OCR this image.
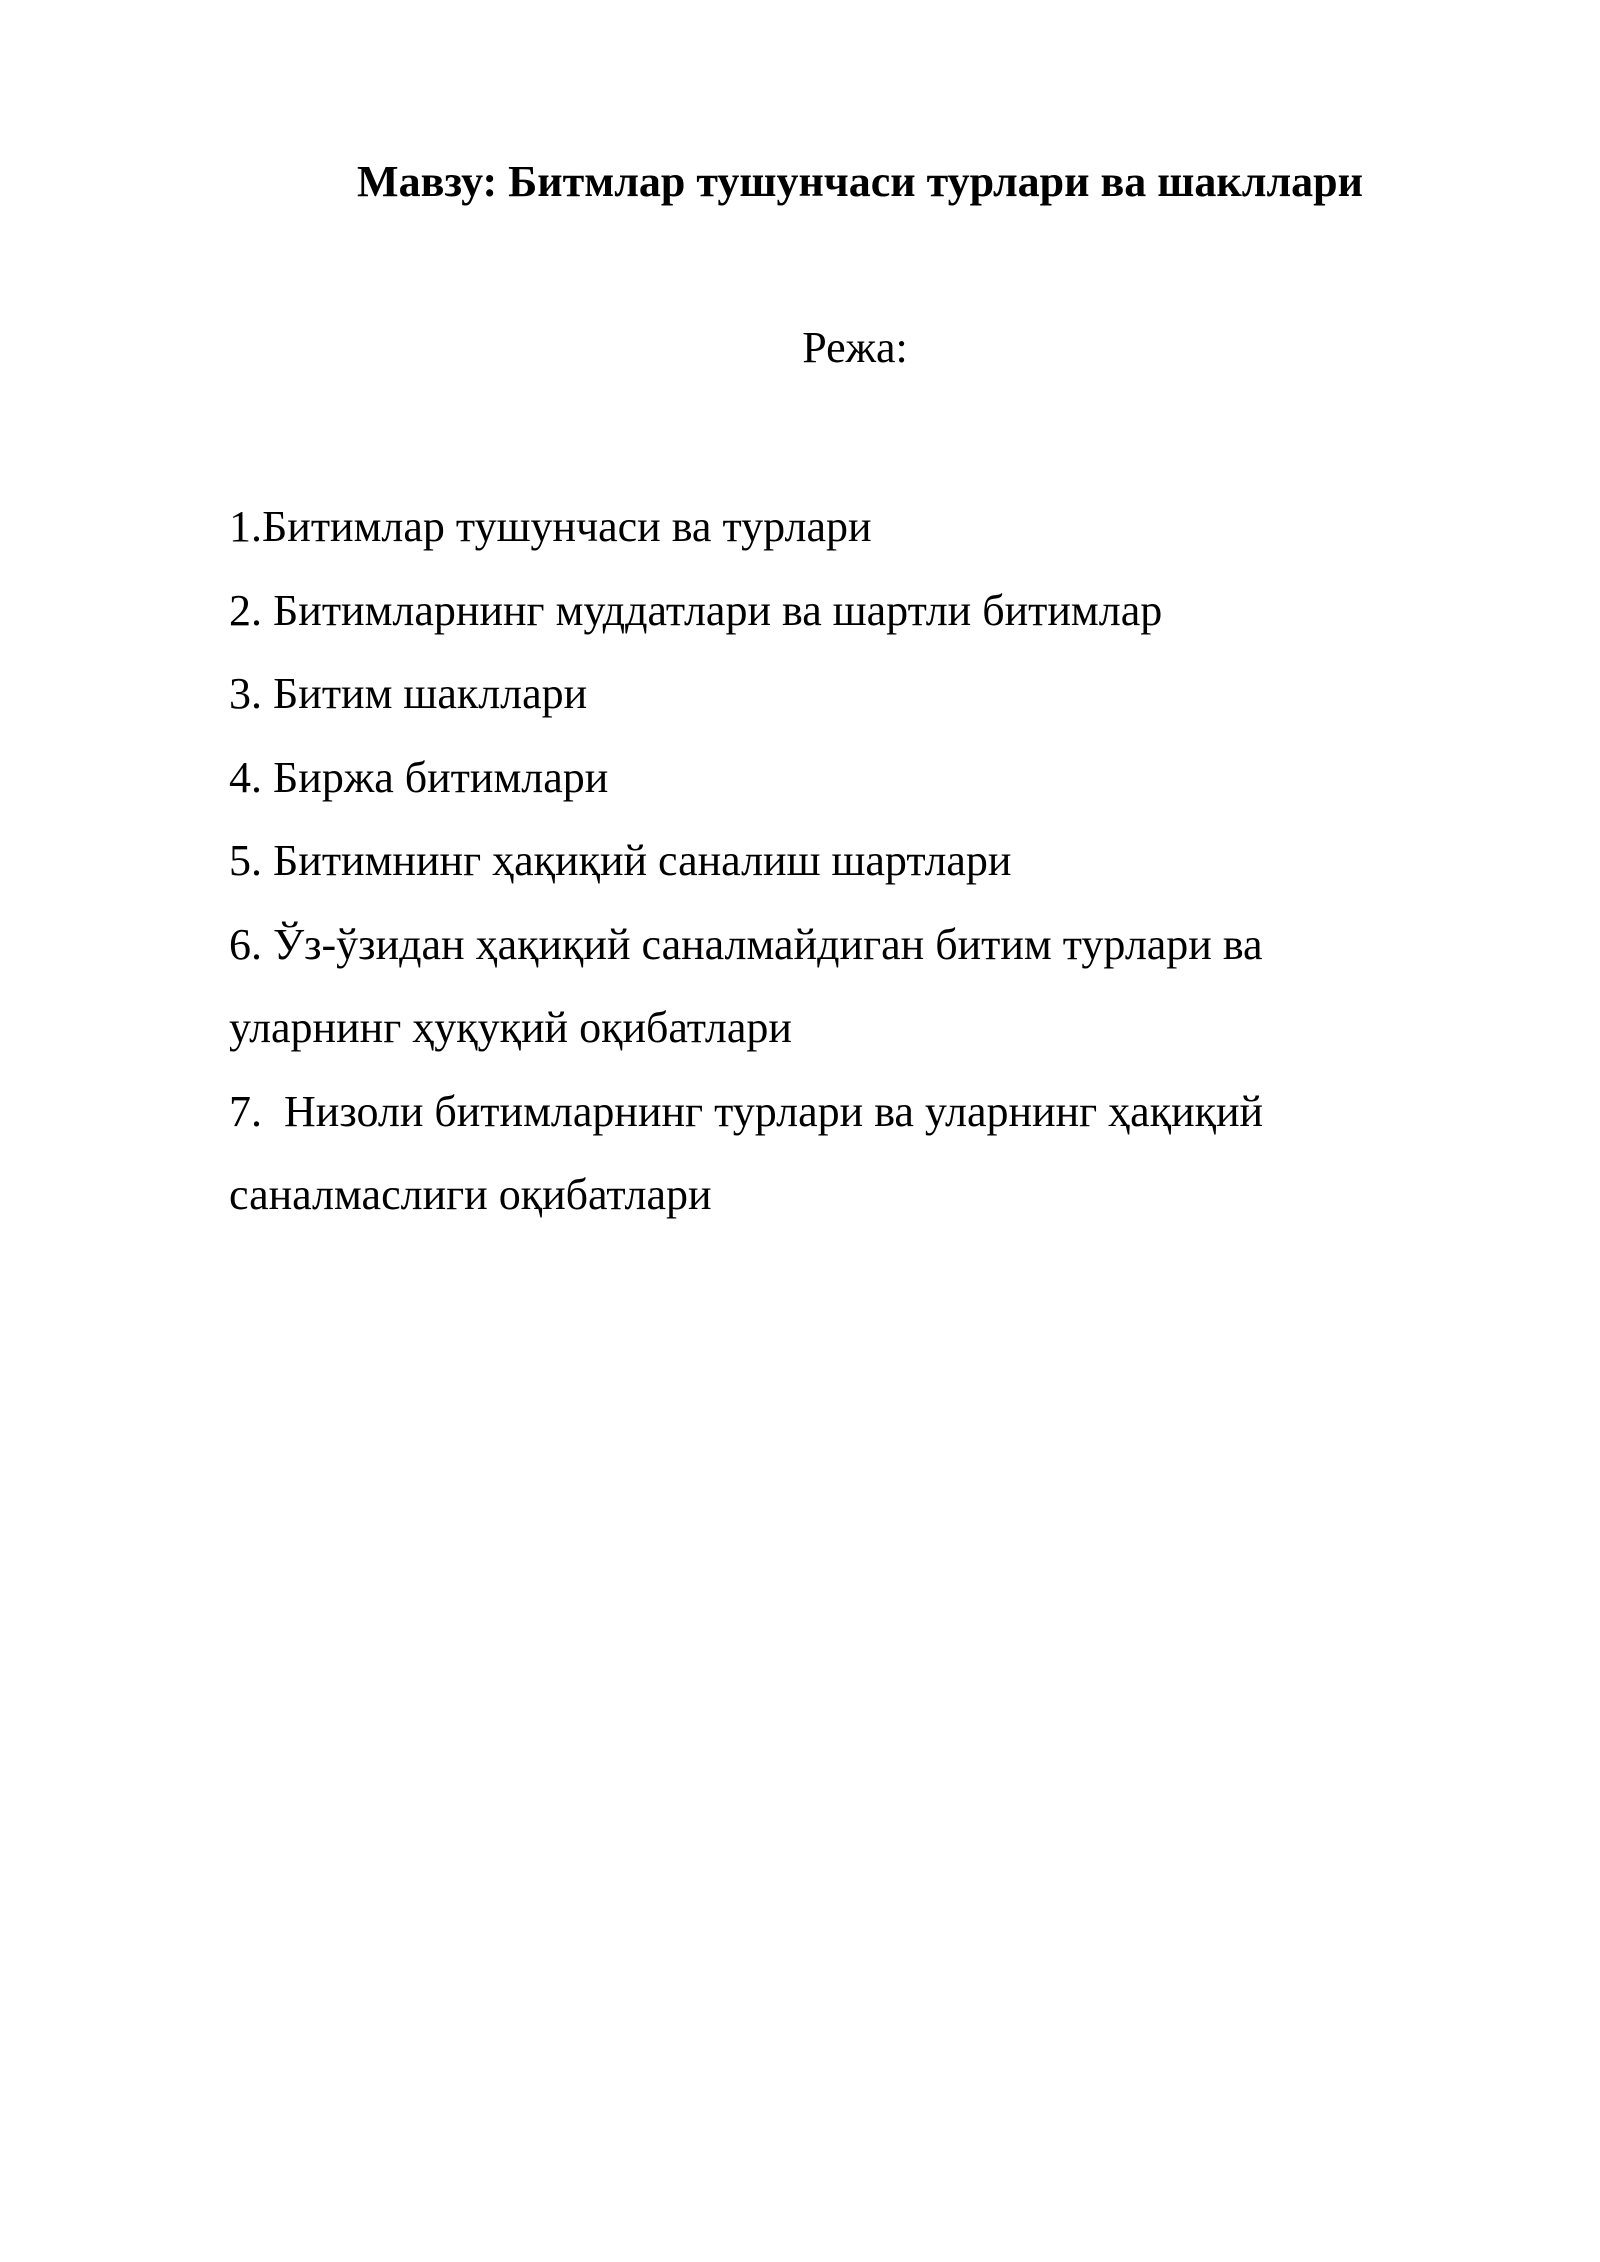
Мавзу: Битмлар тушунчаси турлари ва шакллари
Режа:
1.Битимлар тушунчаси ва турлари
2. Битимларнинг муддатлари ва шартли битимлар
3. Битим шакллари
4. Биржа битимлари
5. Битимнинг ҳақиқий саналиш шартлари
6. Ўз-ўзидан ҳақиқий саналмайдиган битим турлари ва
уларнинг ҳуқуқий оқибатлари
7.  Низоли битимларнинг турлари ва уларнинг ҳақиқий
саналмаслиги оқибатлари
